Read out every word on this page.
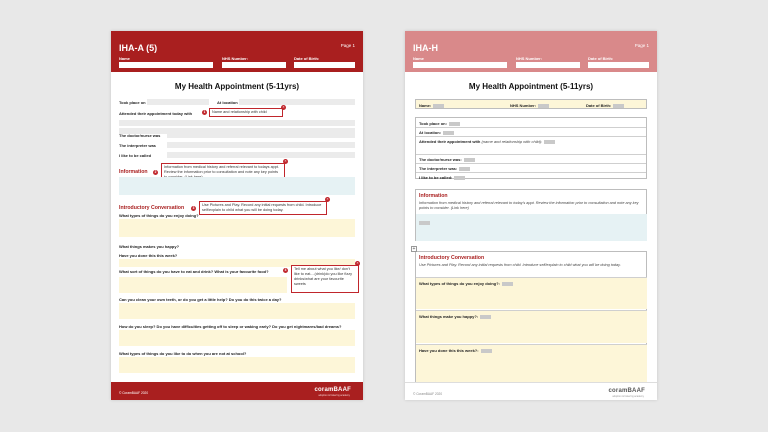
IHA-A (5)	Page 1
Name	NHS Number:	Date of Birth:
My Health Appointment (5-11yrs)
Took place on	At location
Attended their appointment today with	1	Name and relationship with child
×
The doctor/nurse was
The interpreter was
I like to be called
Information	2
Information from medical history and referral relevant to todays appt. Review the information prior to consultation and note any key points
×
Introductory Conversation	3
Use Pictures and Play. Record any initial requests from child. Introduce self/explain to child what you will be doing today.
×
What types of things do you enjoy doing?
What things makes you happy?
Have you done this this week?
What sort of things do you have to eat and drink? What is your favourite food?	4	Tell me about what you like/ don't like to eat....(drink)do you like fizzy drinks/what are your favourite sweets
×
Can you clean your own teeth, or do you get a little help? Do you do this twice a day?
How do you sleep? Do you have difficulties getting off to sleep or waking early? Do you get nightmares/bad dreams?
What types of things do you like to do when you are not at school?
© CoramBAAF 2020	coramBAAF
adoption & fostering academy
IHA-H	Page 1
Name	NHS Number:	Date of Birth:
My Health Appointment (5-11yrs)
Name:	NHS Number:	Date of Birth:
Took place on:
At location:
Attended their appointment with (name and relationship with child):
The doctor/nurse was:
The interpreter was:
I like to be called:
Information
Information from medical history and referral relevant to today's appt. Review the information prior to consultation and note any key points to consider. (Link here)
Introductory Conversation
Use Pictures and Play. Record any initial requests from child. Introduce self/explain to child what you will be doing today.
What types of things do you enjoy doing?:
What things make you happy?:
Have you done this this week?:
© CoramBAAF 2020	coramBAAF
adoption & fostering academy
+
